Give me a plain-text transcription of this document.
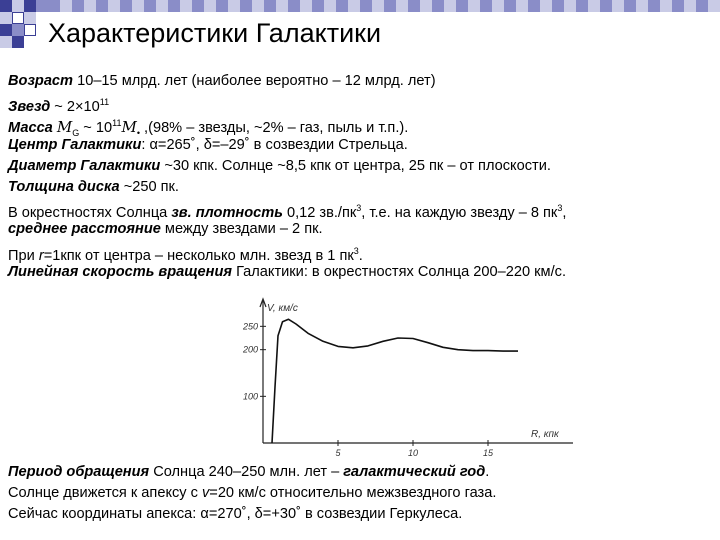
Характеристики Галактики
Возраст 10–15 млрд. лет (наиболее вероятно – 12 млрд. лет)
Звезд ~ $2\times 10^{11}$
Масса $M_G$ ~ $10^{11}M_•$ ,(98% – звезды, ~2% – газ, пыль и т.п.).
Центр Галактики: α=265˚, δ=–29˚ в созвездии Стрельца.
Диаметр Галактики ~30 кпк. Солнце ~8,5 кпк от центра, 25 пк – от плоскости.
Толщина диска ~250 пк.
В окрестностях Солнца зв. плотность 0,12 $зв./пк^3$, т.е. на каждую звезду – 8 $пк^3$,
среднее расстояние между звездами – 2 пк.
При r=1кпк от центра – несколько млн. звезд в 1 $пк^3$.
Линейная скорость вращения Галактики: в окрестностях Солнца 200–220 км/с.
V, км/с
R, кпк
100
200
250
5	10	15
Период обращения Солнца 240–250 млн. лет – галактический год.
Солнце движется к апексу с v=20 км/с относительно межзвездного газа.
Сейчас координаты апекса: α=270˚, δ=+30˚ в созвездии Геркулеса.
